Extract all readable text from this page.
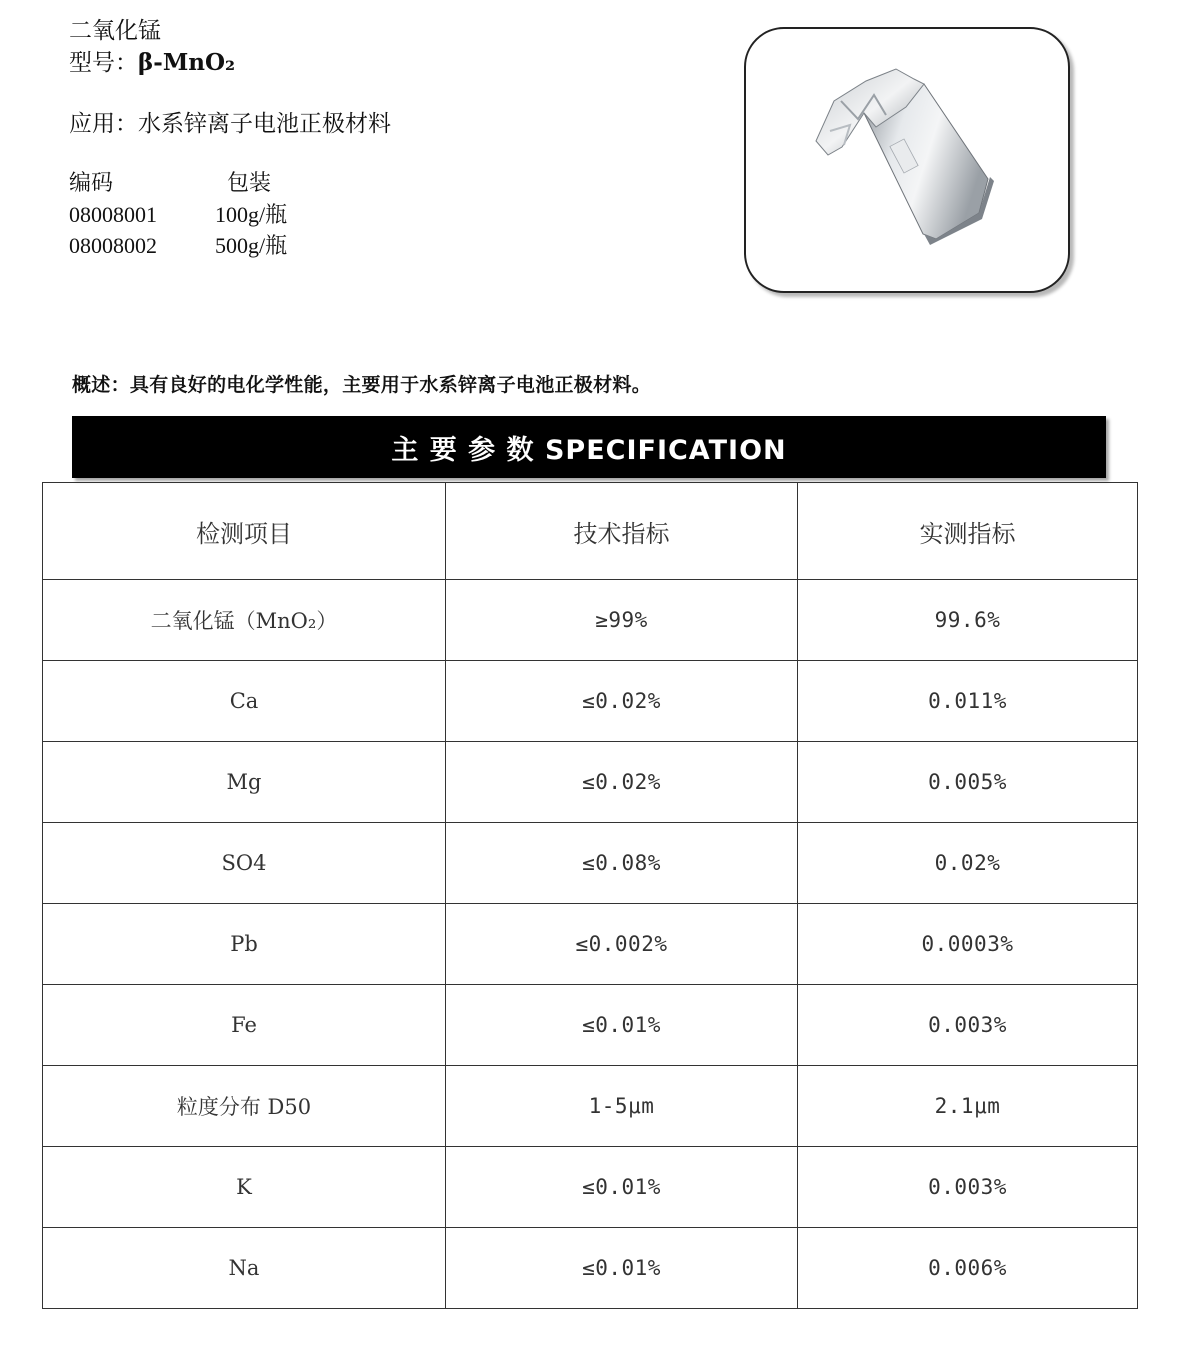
二氧化锰
型号：β-MnO₂
应用：水系锌离子电池正极材料
编码	包装
08008001	100g/瓶
08008002	500g/瓶
概述：具有良好的电化学性能，主要用于水系锌离子电池正极材料。
主 要 参 数 SPECIFICATION
检测项目	技术指标	实测指标
二氧化锰（MnO₂）	≥99%	99.6%
Ca	≤0.02%	0.011%
Mg	≤0.02%	0.005%
SO4	≤0.08%	0.02%
Pb	≤0.002%	0.0003%
Fe	≤0.01%	0.003%
粒度分布 D50	1-5μm	2.1μm
K	≤0.01%	0.003%
Na	≤0.01%	0.006%
